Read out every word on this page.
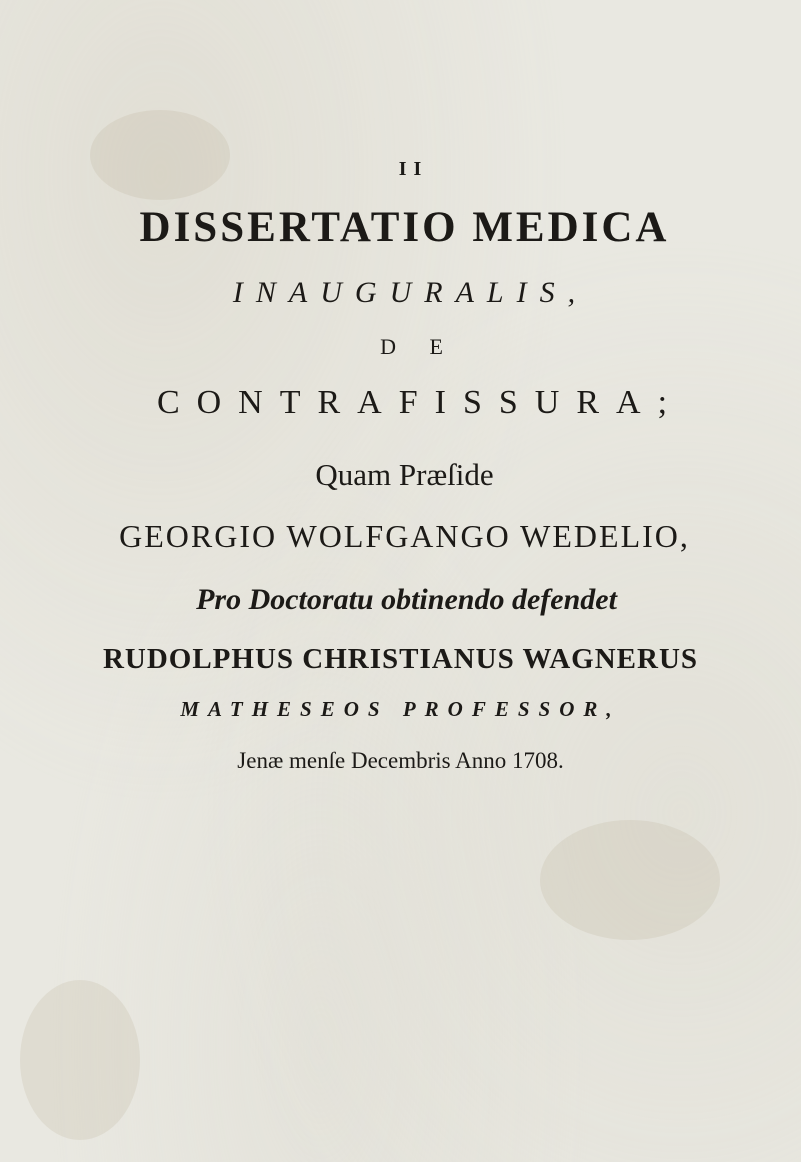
I I
DISSERTATIO MEDICA
INAUGURALIS,
D E
CONTRAFISSURA;
Quam Præſide
GEORGIO WOLFGANGO WEDELIO,
Pro Doctoratu obtinendo defendet
RUDOLPHUS CHRISTIANUS WAGNERUS
MATHESEOS PROFESSOR,
Jenæ menſe Decembris Anno 1708.
